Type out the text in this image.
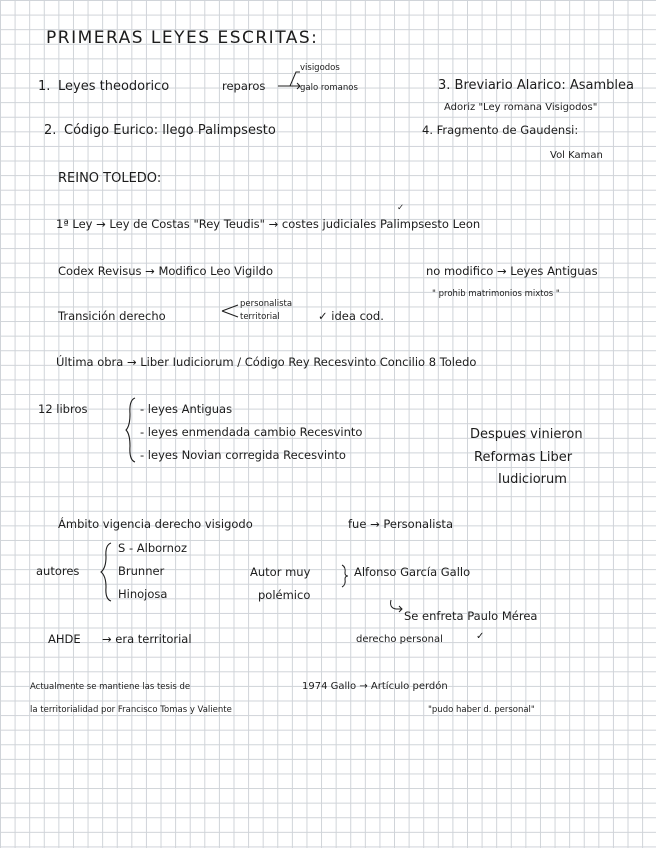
PRIMERAS LEYES ESCRITAS:
1. Leyes theodorico	reparos
visigodos
galo romanos	3. Breviario Alarico: Asamblea
Adoriz "Ley romana Visigodos"
2. Código Eurico: llego Palimpsesto	4. Fragmento de Gaudensi:
Vol Kaman
REINO TOLEDO:
✓
1ª Ley → Ley de Costas "Rey Teudis" → costes judiciales Palimpsesto Leon
Codex Revisus → Modifico Leo Vigildo	no modifico → Leyes Antiguas
" prohib matrimonios mixtos "
Transición derecho
personalista
territorial	✓ idea cod.
Última obra → Liber Iudiciorum / Código Rey Recesvinto Concilio 8 Toledo
12 libros	- leyes Antiguas
- leyes enmendada cambio Recesvinto
- leyes Novian corregida Recesvinto
Despues vinieron
Reformas Liber
Iudiciorum
Ámbito vigencia derecho visigodo	fue → Personalista
autores
S - Albornoz
Brunner
Hinojosa
Autor muy
polémico
Alfonso García Gallo
Se enfreta Paulo Mérea
derecho personal	✓
AHDE → era territorial
Actualmente se mantiene las tesis de
la territorialidad por Francisco Tomas y Valiente
1974 Gallo → Artículo perdón
"pudo haber d. personal"
